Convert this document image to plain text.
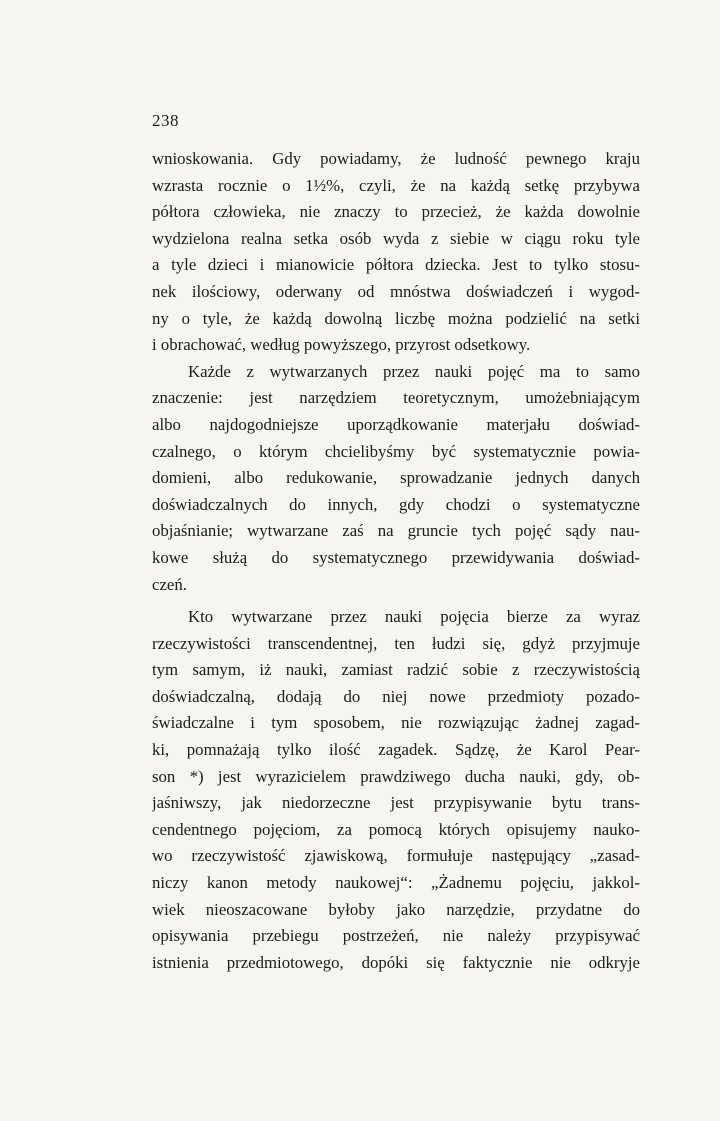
238
wnioskowania. Gdy powiadamy, że ludność pewnego kraju
wzrasta rocznie o 1½%, czyli, że na każdą setkę przybywa
półtora człowieka, nie znaczy to przecież, że każda dowolnie
wydzielona realna setka osób wyda z siebie w ciągu roku tyle
a tyle dzieci i mianowicie półtora dziecka. Jest to tylko stosu-
nek ilościowy, oderwany od mnóstwa doświadczeń i wygod-
ny o tyle, że każdą dowolną liczbę można podzielić na setki
i obrachować, według powyższego, przyrost odsetkowy.
Każde z wytwarzanych przez nauki pojęć ma to samo
znaczenie: jest narzędziem teoretycznym, umożebniającym
albo najdogodniejsze uporządkowanie materjału doświad-
czalnego, o którym chcielibyśmy być systematycznie powia-
domieni, albo redukowanie, sprowadzanie jednych danych
doświadczalnych do innych, gdy chodzi o systematyczne
objaśnianie; wytwarzane zaś na gruncie tych pojęć sądy nau-
kowe służą do systematycznego przewidywania doświad-
czeń.
Kto wytwarzane przez nauki pojęcia bierze za wyraz
rzeczywistości transcendentnej, ten łudzi się, gdyż przyjmuje
tym samym, iż nauki, zamiast radzić sobie z rzeczywistością
doświadczalną, dodają do niej nowe przedmioty pozado-
świadczalne i tym sposobem, nie rozwiązując żadnej zagad-
ki, pomnażają tylko ilość zagadek. Sądzę, że Karol Pear-
son *) jest wyrazicielem prawdziwego ducha nauki, gdy, ob-
jaśniwszy, jak niedorzeczne jest przypisywanie bytu trans-
cendentnego pojęciom, za pomocą których opisujemy nauko-
wo rzeczywistość zjawiskową, formułuje następujący „zasad-
niczy kanon metody naukowej“: „Żadnemu pojęciu, jakkol-
wiek nieoszacowane byłoby jako narzędzie, przydatne do
opisywania przebiegu postrzeżeń, nie należy przypisywać
istnienia przedmiotowego, dopóki się faktycznie nie odkryje
